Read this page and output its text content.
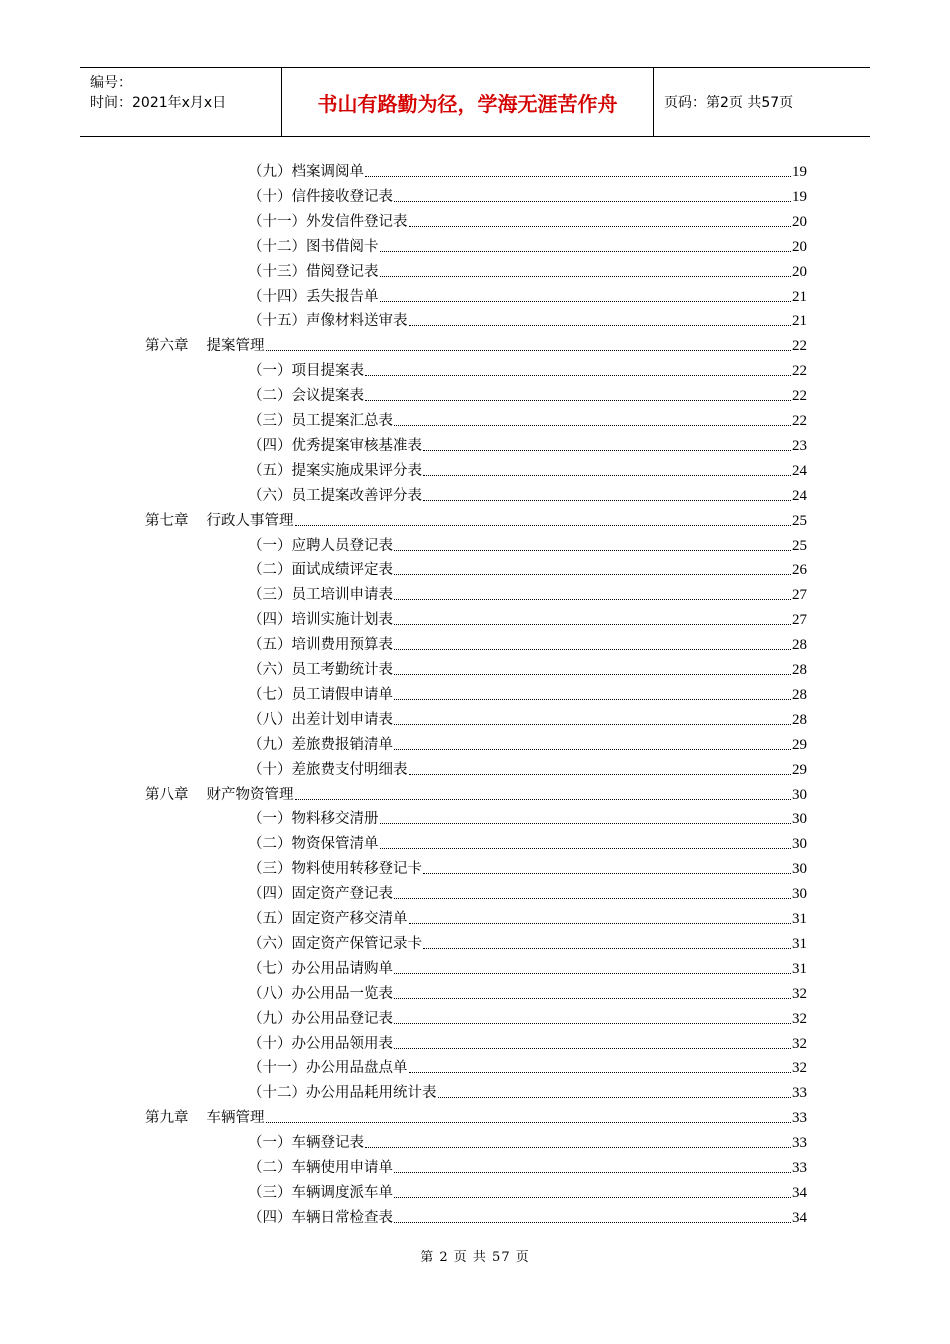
编号：
时间：2021年x月x日	书山有路勤为径，学海无涯苦作舟	页码：第2页 共57页
（九）档案调阅单	19
（十）信件接收登记表	19
（十一）外发信件登记表	20
（十二）图书借阅卡	20
（十三）借阅登记表	20
（十四）丢失报告单	21
（十五）声像材料送审表	21
第六章 提案管理	22
（一）项目提案表	22
（二）会议提案表	22
（三）员工提案汇总表	22
（四）优秀提案审核基准表	23
（五）提案实施成果评分表	24
（六）员工提案改善评分表	24
第七章 行政人事管理	25
（一）应聘人员登记表	25
（二）面试成绩评定表	26
（三）员工培训申请表	27
（四）培训实施计划表	27
（五）培训费用预算表	28
（六）员工考勤统计表	28
（七）员工请假申请单	28
（八）出差计划申请表	28
（九）差旅费报销清单	29
（十）差旅费支付明细表	29
第八章 财产物资管理	30
（一）物料移交清册	30
（二）物资保管清单	30
（三）物料使用转移登记卡	30
（四）固定资产登记表	30
（五）固定资产移交清单	31
（六）固定资产保管记录卡	31
（七）办公用品请购单	31
（八）办公用品一览表	32
（九）办公用品登记表	32
（十）办公用品领用表	32
（十一）办公用品盘点单	32
（十二）办公用品耗用统计表	33
第九章 车辆管理	33
（一）车辆登记表	33
（二）车辆使用申请单	33
（三）车辆调度派车单	34
（四）车辆日常检查表	34
第 2 页 共 57 页
